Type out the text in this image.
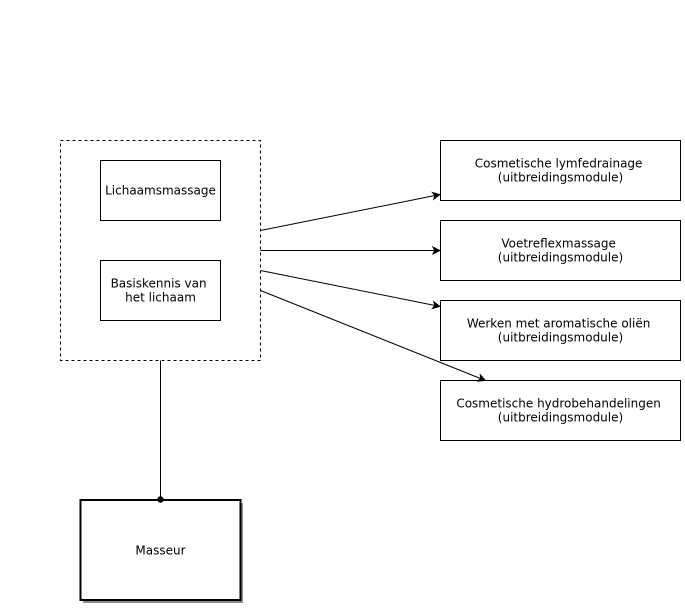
Lichaamsmassage
Basiskennis van het lichaam
Cosmetische lymfedrainage (uitbreidingsmodule)
Voetreflexmassage (uitbreidingsmodule)
Werken met aromatische oliën (uitbreidingsmodule)
Cosmetische hydrobehandelingen (uitbreidingsmodule)
Masseur
